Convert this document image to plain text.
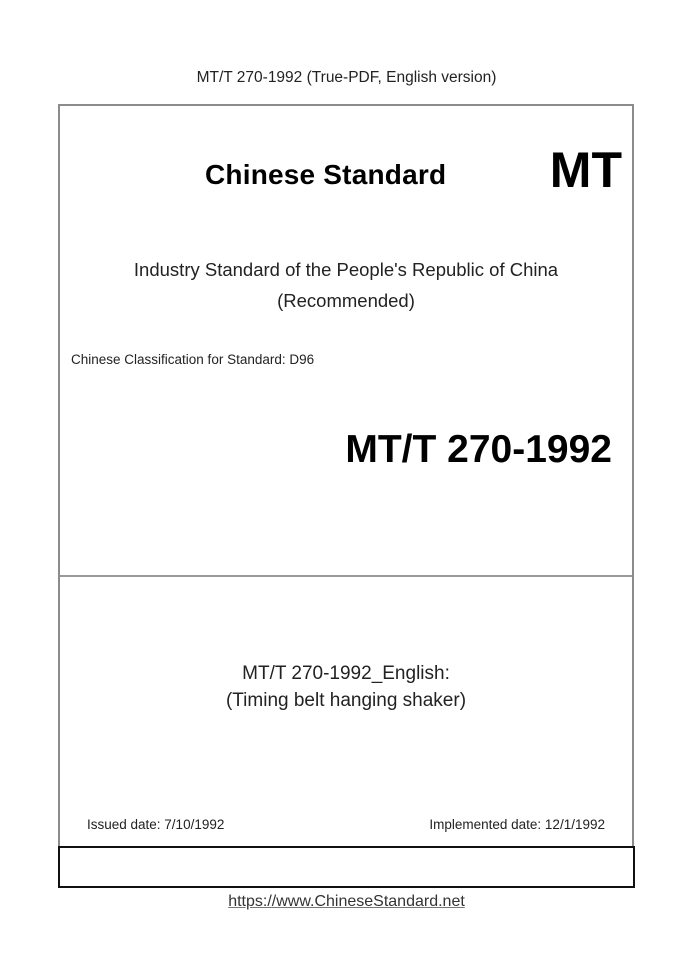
MT/T 270-1992 (True-PDF, English version)
Chinese Standard MT
Industry Standard of the People's Republic of China
(Recommended)
Chinese Classification for Standard: D96
MT/T 270-1992
MT/T 270-1992_English:
(Timing belt hanging shaker)
Issued date: 7/10/1992	Implemented date: 12/1/1992
https://www.ChineseStandard.net
